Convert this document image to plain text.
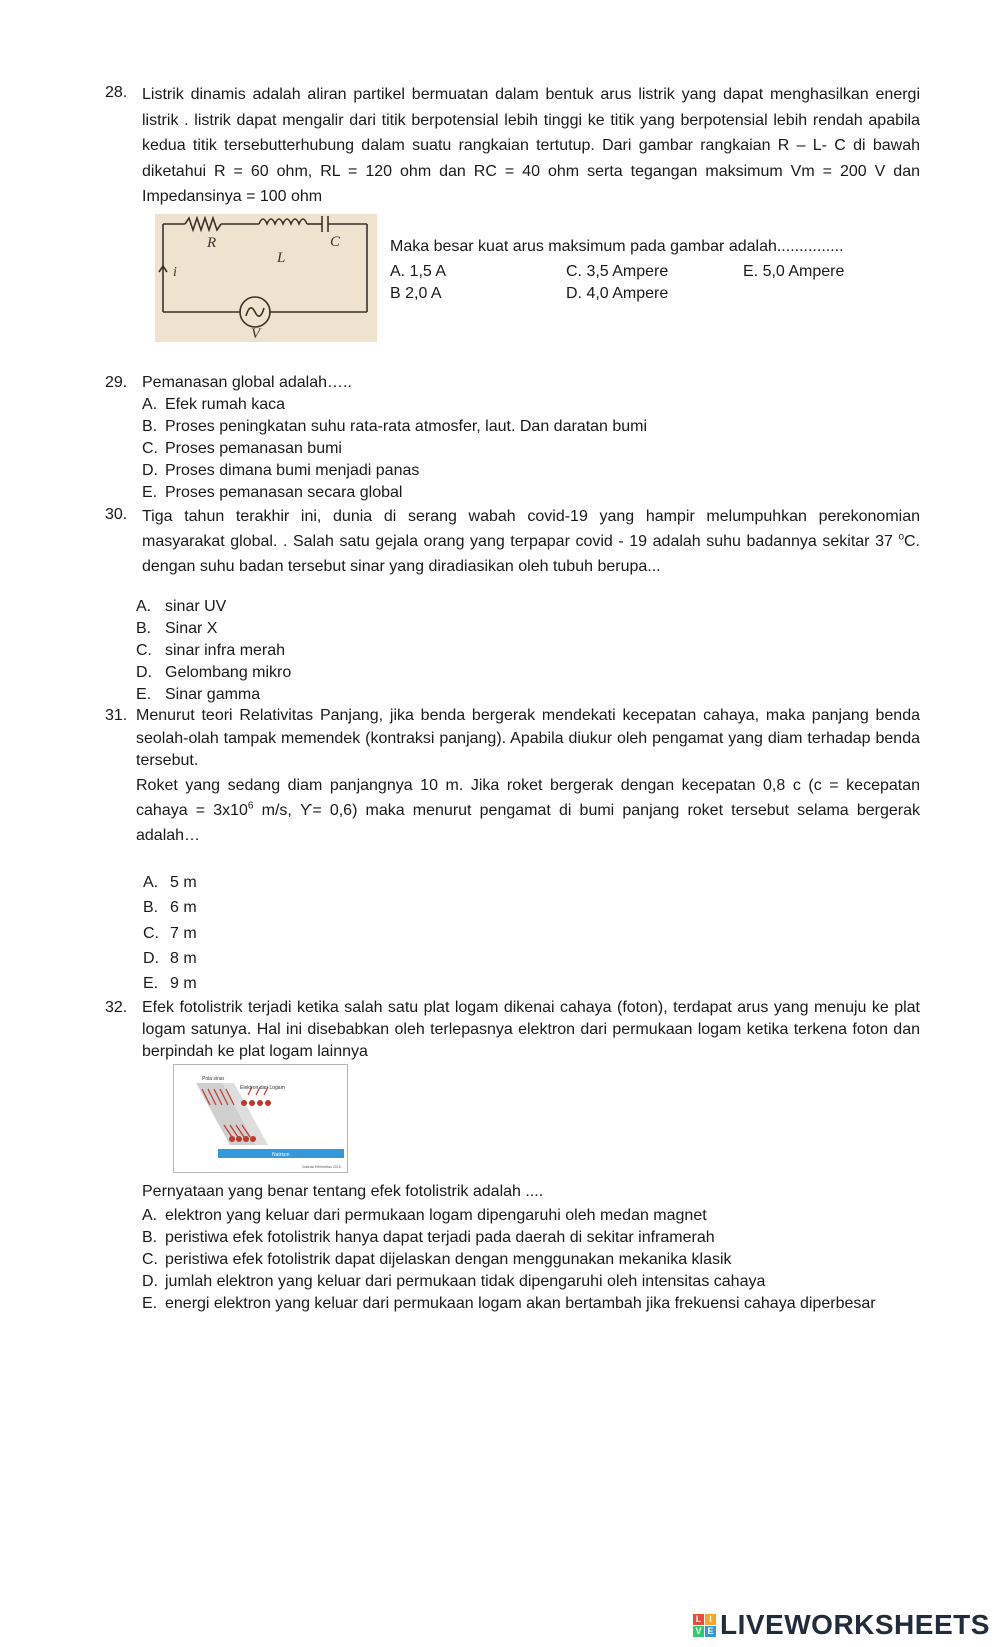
28. Listrik dinamis adalah aliran partikel bermuatan dalam bentuk arus listrik yang dapat menghasilkan energi listrik . listrik dapat mengalir dari titik berpotensial lebih tinggi ke titik yang berpotensial lebih rendah apabila kedua titik tersebutterhubung dalam suatu rangkaian tertutup. Dari gambar rangkaian R – L- C di bawah diketahui R = 60 ohm, RL = 120 ohm dan RC = 40 ohm serta tegangan maksimum Vm = 200 V dan Impedansinya = 100 ohm

R
L
C
i
V
Maka besar kuat arus maksimum pada gambar adalah...............
A. 1,5 A	C. 3,5 Ampere	E. 5,0 Ampere
B 2,0 A	D. 4,0 Ampere
29. Pemanasan global adalah…..

A. Efek rumah kaca
B. Proses peningkatan suhu rata-rata atmosfer, laut. Dan daratan bumi
C. Proses pemanasan bumi
D. Proses dimana bumi menjadi panas
E. Proses pemanasan secara global
30. Tiga tahun terakhir ini, dunia di serang wabah covid-19 yang hampir melumpuhkan perekonomian masyarakat global. . Salah satu gejala orang yang terpapar covid - 19 adalah suhu badannya sekitar 37 $^o$C. dengan suhu badan tersebut sinar yang diradiasikan oleh tubuh berupa...

A. sinar UV
B. Sinar X
C. sinar infra merah
D. Gelombang mikro
E. Sinar gamma
31. Menurut teori Relativitas Panjang, jika benda bergerak mendekati kecepatan cahaya, maka panjang benda seolah-olah tampak memendek (kontraksi panjang). Apabila diukur oleh pengamat yang diam terhadap benda tersebut.

Roket yang sedang diam panjangnya 10 m. Jika roket bergerak dengan kecepatan 0,8 c (c = kecepatan cahaya = $3x10^6$ m/s, ϒ= 0,6) maka menurut pengamat di bumi panjang roket tersebut selama bergerak adalah…

A. 5 m
B. 6 m
C. 7 m
D. 8 m
E. 9 m
32. Efek fotolistrik terjadi ketika salah satu plat logam dikenai cahaya (foton), terdapat arus yang menuju ke plat logam satunya. Hal ini disebabkan oleh terlepasnya elektron dari permukaan logam ketika terkena foton dan berpindah ke plat logam lainnya

Pola sinar
Elektron dari Logam
Natrium
Ilustrasi Effektivitas 2016
Pernyataan yang benar tentang efek fotolistrik adalah ....
A. elektron yang keluar dari permukaan logam dipengaruhi oleh medan magnet
B. peristiwa efek fotolistrik hanya dapat terjadi pada daerah di sekitar inframerah
C. peristiwa efek fotolistrik dapat dijelaskan dengan menggunakan mekanika klasik
D. jumlah elektron yang keluar dari permukaan tidak dipengaruhi oleh intensitas cahaya
E. energi elektron yang keluar dari permukaan logam akan bertambah jika frekuensi cahaya diperbesar
L I
V E LIVEWORKSHEETS
